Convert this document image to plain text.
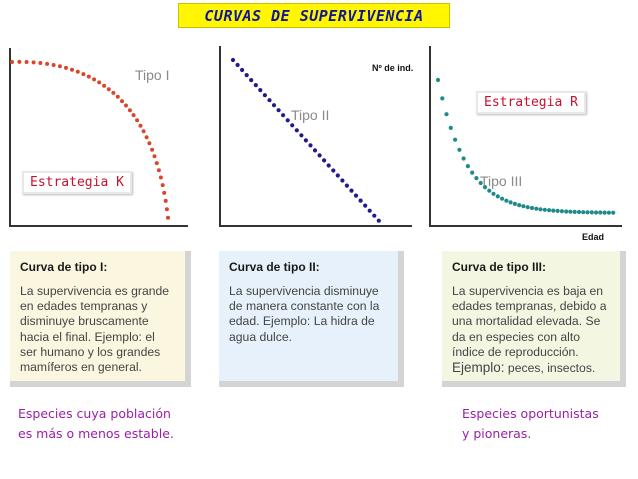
CURVAS DE SUPERVIVENCIA
Tipo I
Tipo II
Tipo III
Nº de ind.
Edad
Estrategia K
Estrategia R
Curva de tipo I:
La supervivencia es grande en edades tempranas y disminuye bruscamente hacia el final. Ejemplo: el ser humano y los grandes mamíferos en general.
Curva de tipo II:
La supervivencia disminuye de manera constante con la edad. Ejemplo: La hidra de agua dulce.
Curva de tipo III:
La supervivencia es baja en edades tempranas, debido a una mortalidad elevada. Se da en especies con alto índice de reproducción. Ejemplo: peces, insectos.
Especies cuya población
es más o menos estable.
Especies oportunistas
y pioneras.
